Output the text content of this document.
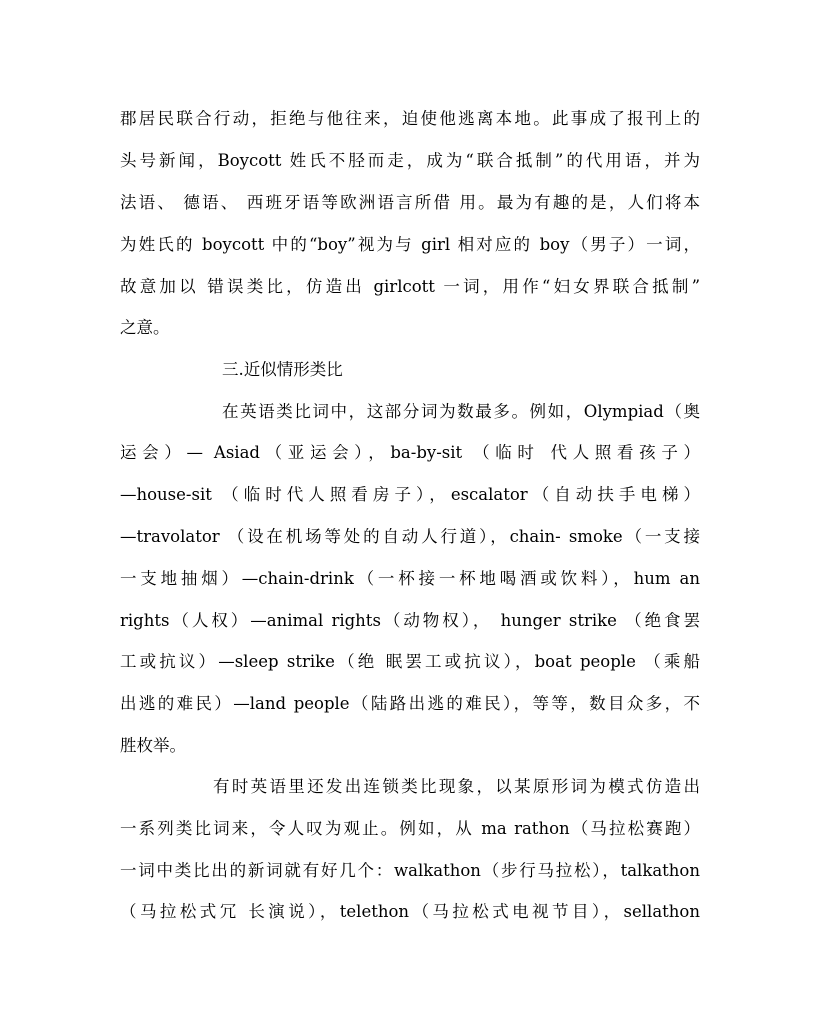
郡居民联合行动，拒绝与他往来，迫使他逃离本地。此事成了报刊上的
头号新闻，Boycott 姓氏不胫而走，成为“联合抵制”的代用语，并为
法语、 德语、 西班牙语等欧洲语言所借 用。最为有趣的是，人们将本
为姓氏的 boycott 中的“boy”视为与 girl 相对应的 boy（男子）一词，
故意加以 错误类比，仿造出 girlcott 一词，用作“妇女界联合抵制”
之意。
三.近似情形类比
在英语类比词中，这部分词为数最多。例如，Olympiad（奥
运会）— Asiad（亚运会），ba-by-sit （临时 代人照看孩子）
—house-sit （临时代人照看房子），escalator（自动扶手电梯）
—travolator （设在机场等处的自动人行道），chain- smoke（一支接
一支地抽烟）—chain-drink（一杯接一杯地喝酒或饮料），hum an
rights（人权）—animal rights（动物权）， hunger strike （绝食罢
工或抗议）—sleep strike（绝 眠罢工或抗议），boat people （乘船
出逃的难民）—land people（陆路出逃的难民），等等，数目众多，不
胜枚举。
有时英语里还发出连锁类比现象，以某原形词为模式仿造出
一系列类比词来，令人叹为观止。例如，从 ma rathon（马拉松赛跑）
一词中类比出的新词就有好几个：walkathon（步行马拉松），talkathon
（马拉松式冗 长演说），telethon（马拉松式电视节目），sellathon
